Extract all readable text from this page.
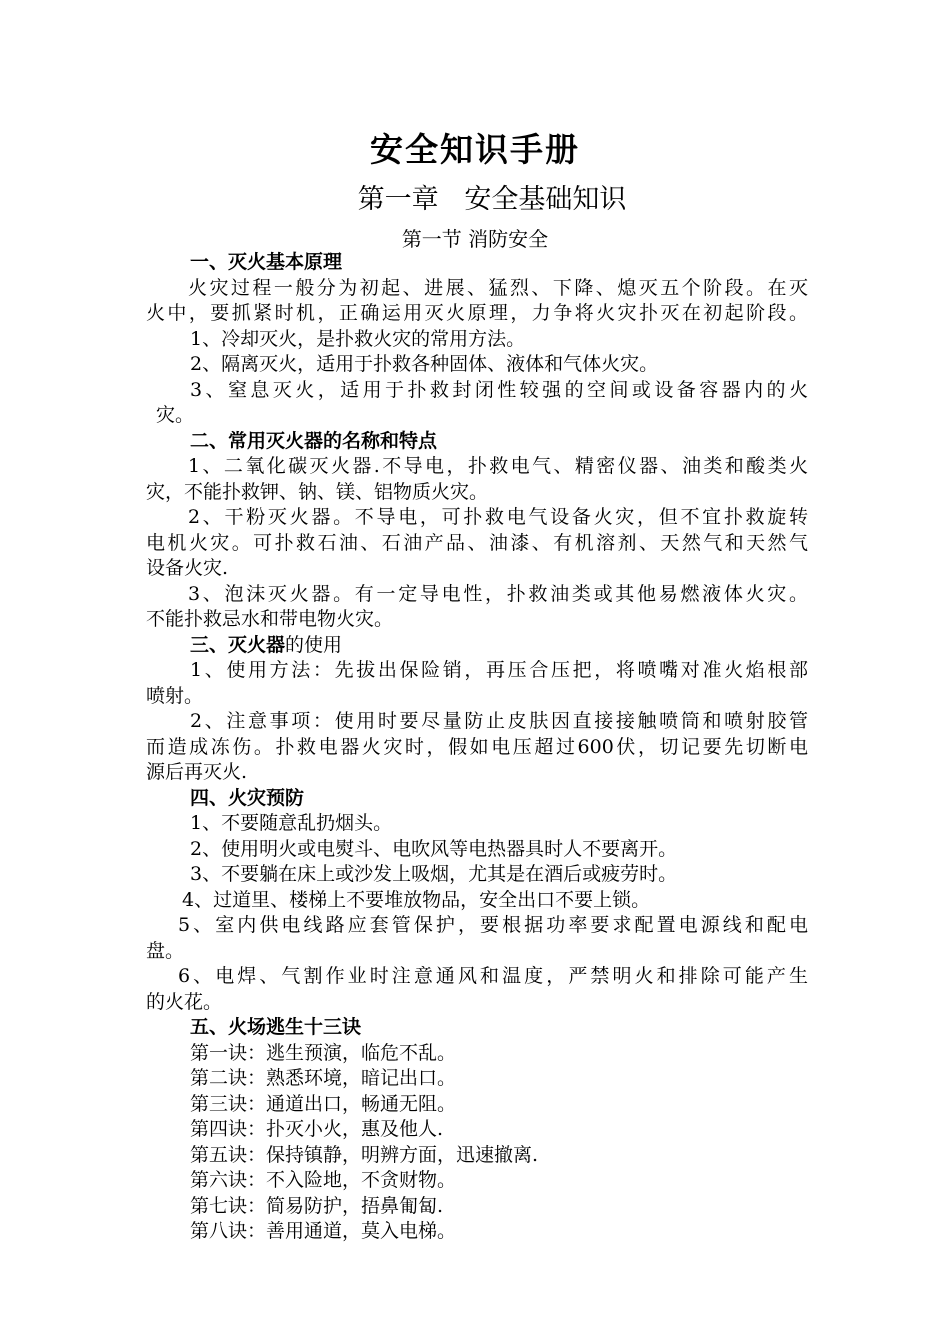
安全知识手册
第一章   安全基础知识
第一节 消防安全
一、灭火基本原理
火灾过程一般分为初起、进展、猛烈、下降、熄灭五个阶段。在灭
火中，要抓紧时机，正确运用灭火原理，力争将火灾扑灭在初起阶段。
1、冷却灭火，是扑救火灾的常用方法。
2、隔离灭火，适用于扑救各种固体、液体和气体火灾。
3、窒息灭火，适用于扑救封闭性较强的空间或设备容器内的火
灾。
二、常用灭火器的名称和特点
1、二氧化碳灭火器.不导电，扑救电气、精密仪器、油类和酸类火
灾，不能扑救钾、钠、镁、铝物质火灾。
2、干粉灭火器。不导电，可扑救电气设备火灾，但不宜扑救旋转
电机火灾。可扑救石油、石油产品、油漆、有机溶剂、天然气和天然气
设备火灾.
3、泡沫灭火器。有一定导电性，扑救油类或其他易燃液体火灾。
不能扑救忌水和带电物火灾。
三、灭火器的使用
1、使用方法：先拔出保险销，再压合压把，将喷嘴对准火焰根部
喷射。
2、注意事项：使用时要尽量防止皮肤因直接接触喷筒和喷射胶管
而造成冻伤。扑救电器火灾时，假如电压超过600伏，切记要先切断电
源后再灭火.
四、火灾预防
1、不要随意乱扔烟头。
2、使用明火或电熨斗、电吹风等电热器具时人不要离开。
3、不要躺在床上或沙发上吸烟，尤其是在酒后或疲劳时。
4、过道里、楼梯上不要堆放物品，安全出口不要上锁。
5、室内供电线路应套管保护，要根据功率要求配置电源线和配电
盘。
6、电焊、气割作业时注意通风和温度，严禁明火和排除可能产生
的火花。
五、火场逃生十三诀
第一诀：逃生预演，临危不乱。
第二诀：熟悉环境，暗记出口。
第三诀：通道出口，畅通无阻。
第四诀：扑灭小火，惠及他人.
第五诀：保持镇静，明辨方面，迅速撤离.
第六诀：不入险地，不贪财物。
第七诀：简易防护，捂鼻匍匐.
第八诀：善用通道，莫入电梯。
